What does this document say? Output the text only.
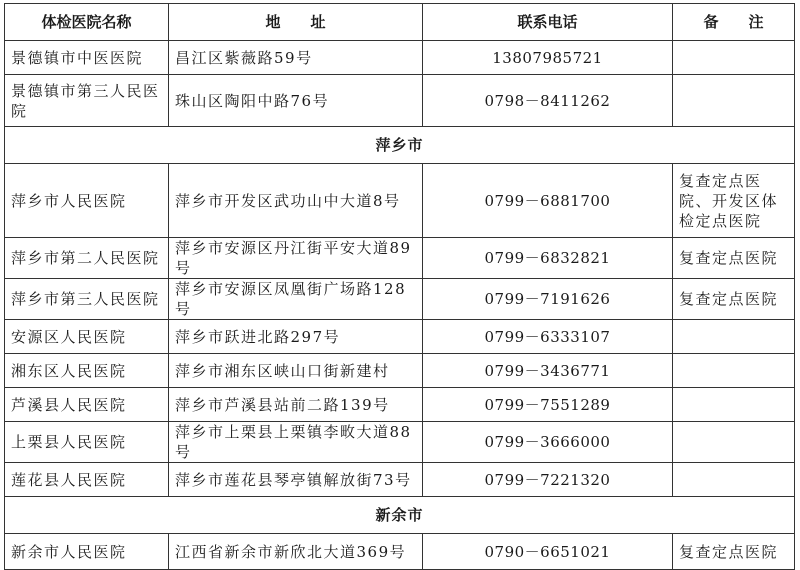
体检医院名称	地　　址	联系电话	备　　注
景德镇市中医医院	昌江区紫薇路59号	13807985721	
景德镇市第三人民医院	珠山区陶阳中路76号	0798－8411262	
萍乡市			
萍乡市人民医院	萍乡市开发区武功山中大道8号	0799－6881700	复查定点医院、开发区体检定点医院
萍乡市第二人民医院	萍乡市安源区丹江街平安大道89号	0799－6832821	复查定点医院
萍乡市第三人民医院	萍乡市安源区凤凰街广场路128号	0799－7191626	复查定点医院
安源区人民医院	萍乡市跃进北路297号	0799－6333107	
湘东区人民医院	萍乡市湘东区峡山口街新建村	0799－3436771	
芦溪县人民医院	萍乡市芦溪县站前二路139号	0799－7551289	
上栗县人民医院	萍乡市上栗县上栗镇李畋大道88号	0799－3666000	
莲花县人民医院	萍乡市莲花县琴亭镇解放街73号	0799－7221320	
新余市			
新余市人民医院	江西省新余市新欣北大道369号	0790－6651021	复查定点医院
